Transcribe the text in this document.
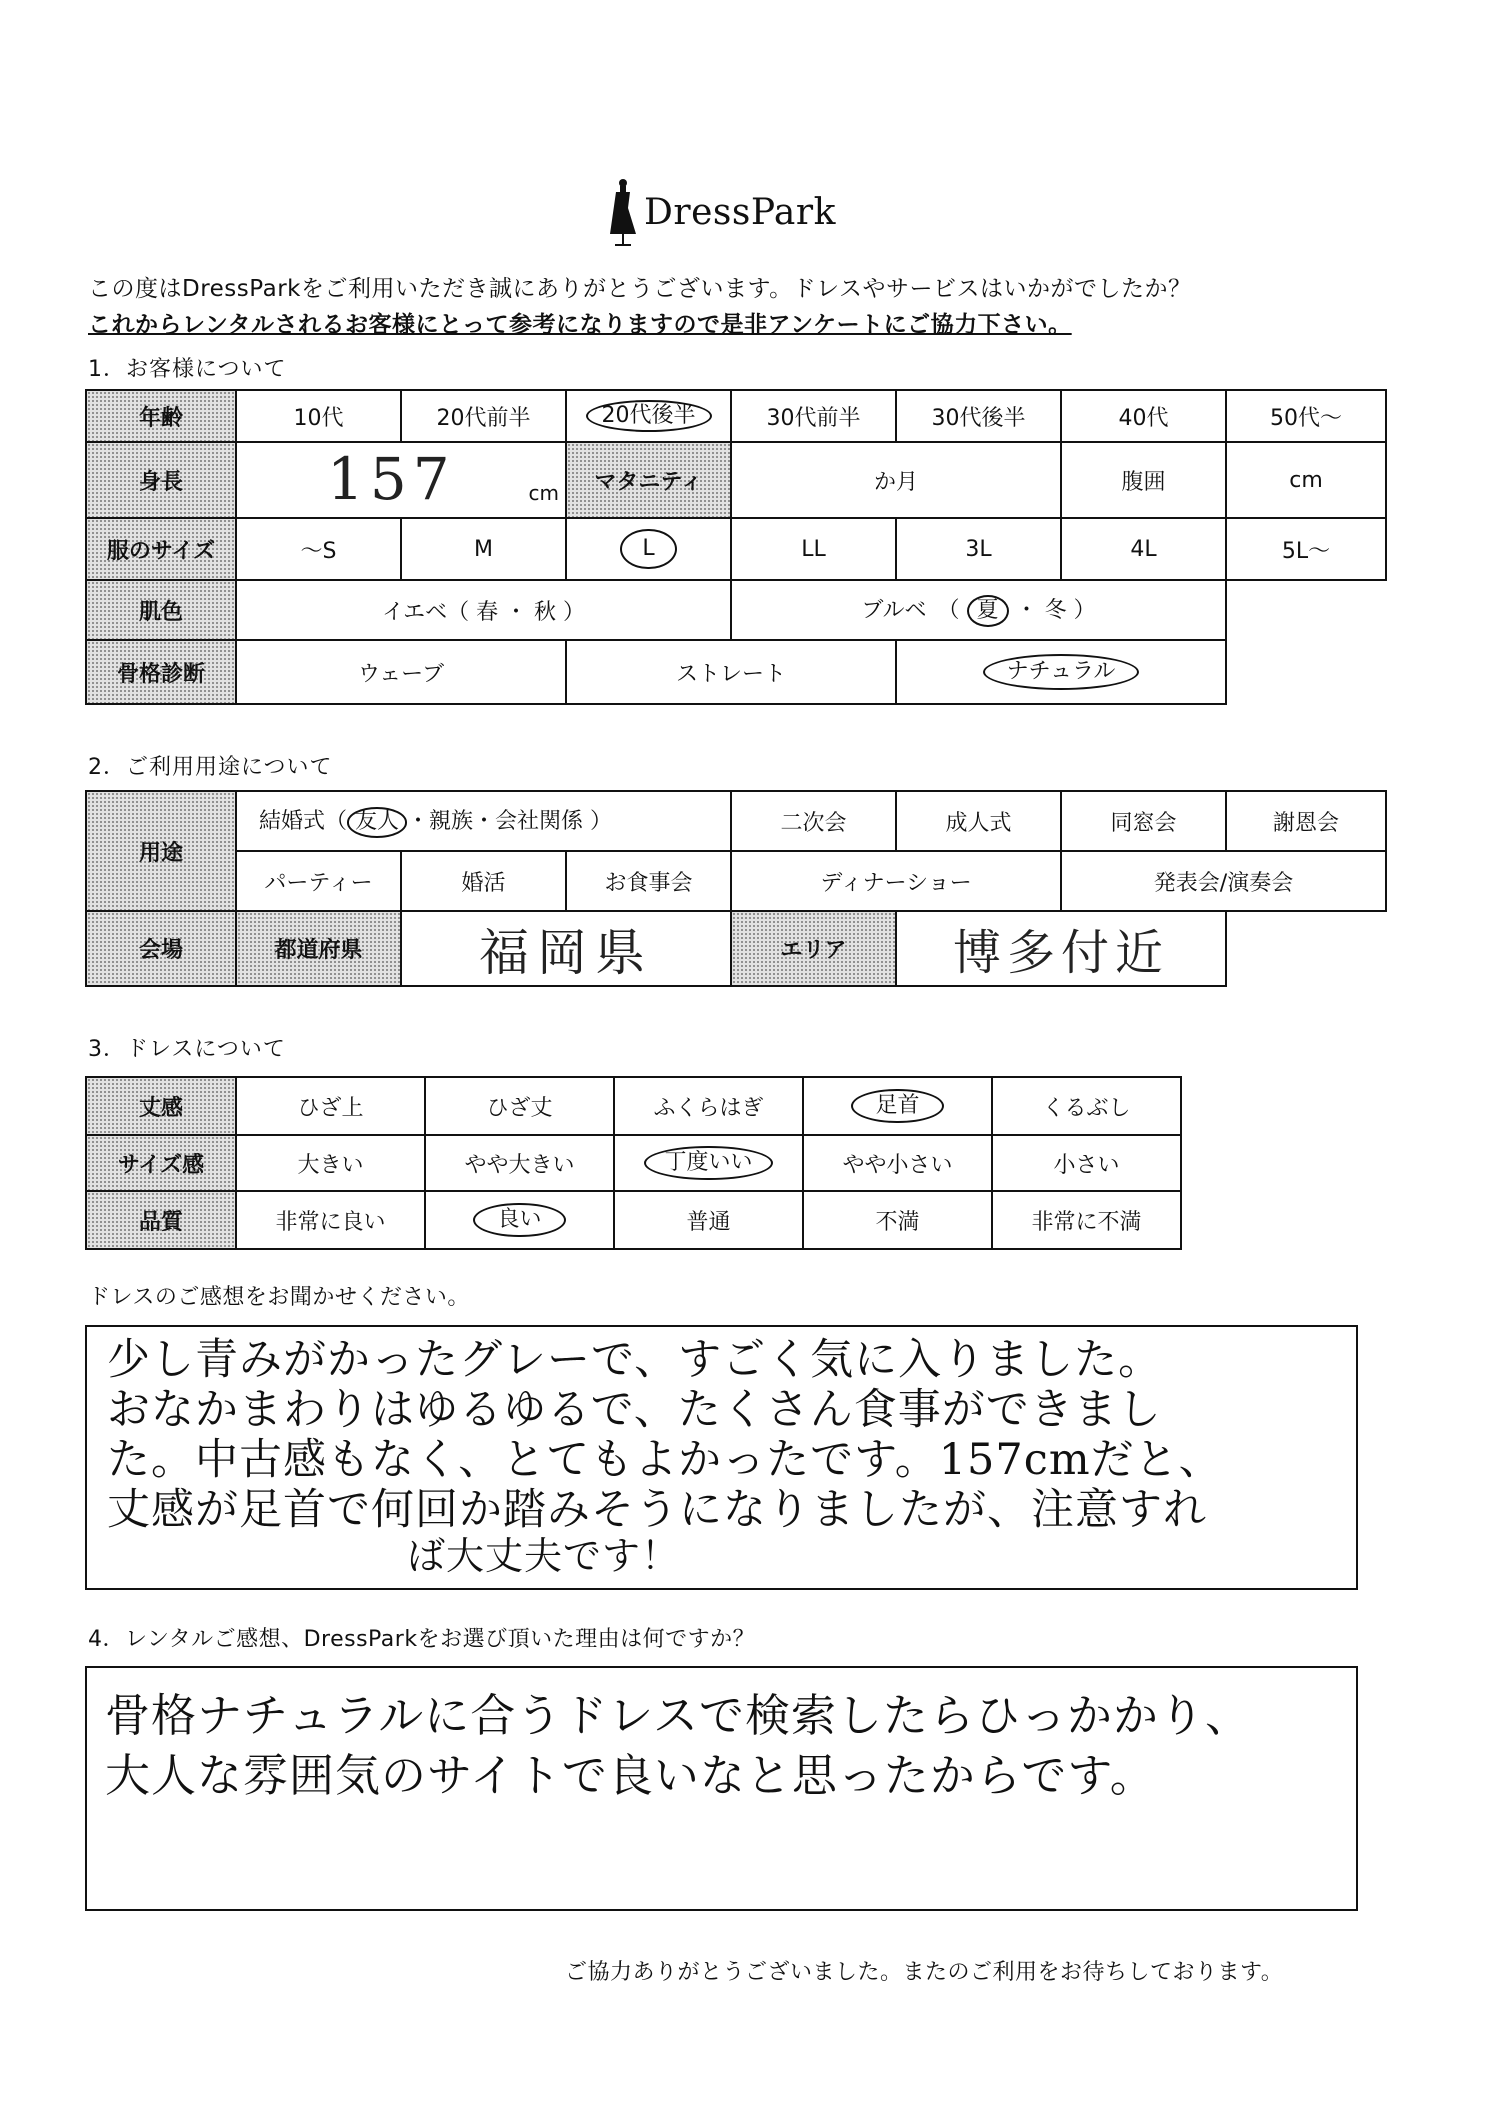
DressPark
この度はDressParkをご利用いただき誠にありがとうございます。ドレスやサービスはいかがでしたか？
これからレンタルされるお客様にとって参考になりますので是非アンケートにご協力下さい。
1．お客様について
年齢	10代	20代前半	20代後半	30代前半	30代後半	40代	50代～
身長	157 cm		マタニティ	か月		腹囲	cm
服のサイズ	～S	M	L	LL	3L	4L	5L～
肌色	イエベ（ 春 ・ 秋 ）			ブルベ　（ 夏 ・ 冬 ）			
骨格診断	ウェーブ		ストレート		ナチュラル		
2．ご利用用途について
用途	結婚式（ 友人 ・親族・会社関係 ）			二次会	成人式	同窓会	謝恩会
	パーティー	婚活	お食事会	ディナーショー		発表会/演奏会	
会場	都道府県	福岡県		エリア	博多付近		
3．ドレスについて
丈感	ひざ上	ひざ丈	ふくらはぎ	足首	くるぶし
サイズ感	大きい	やや大きい	丁度いい	やや小さい	小さい
品質	非常に良い	良い	普通	不満	非常に不満
ドレスのご感想をお聞かせください。
少し青みがかったグレーで、すごく気に入りました。
おなかまわりはゆるゆるで、たくさん食事ができまし
た。中古感もなく、とてもよかったです。157cmだと、
丈感が足首で何回か踏みそうになりましたが、注意すれ
ば大丈夫です！
4．レンタルご感想、DressParkをお選び頂いた理由は何ですか？
骨格ナチュラルに合うドレスで検索したらひっかかり、
大人な雰囲気のサイトで良いなと思ったからです。
ご協力ありがとうございました。またのご利用をお待ちしております。
